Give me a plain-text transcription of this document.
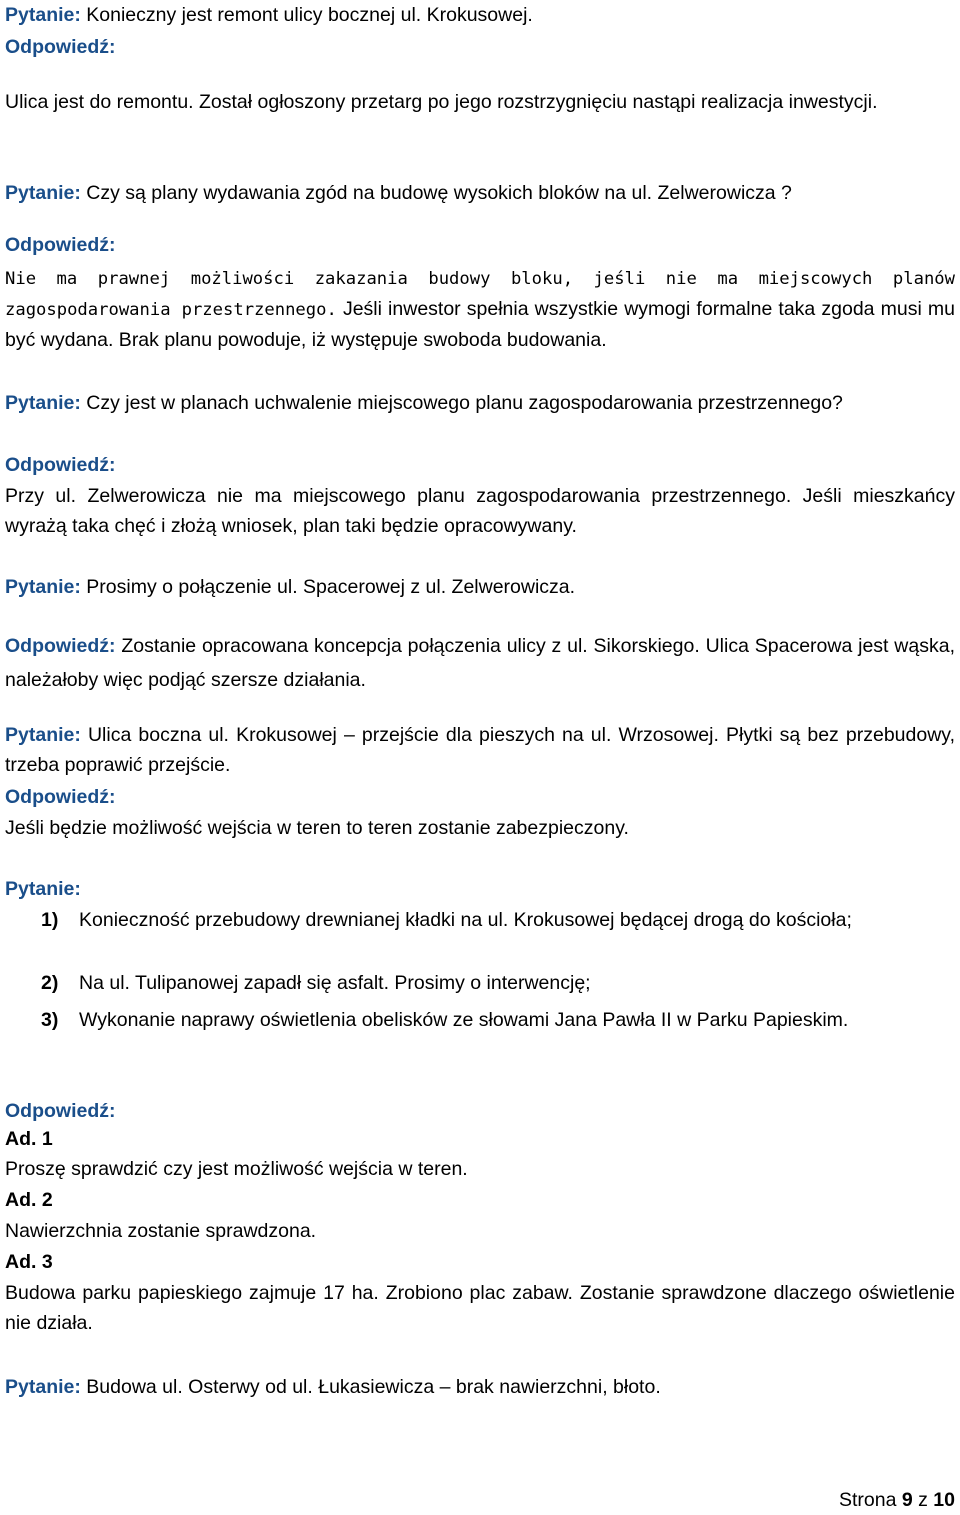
Pytanie: Konieczny jest remont ulicy bocznej ul. Krokusowej.

Odpowiedź:

Ulica jest do remontu. Został ogłoszony przetarg po jego rozstrzygnięciu nastąpi realizacja inwestycji.

Pytanie: Czy są plany wydawania zgód na budowę wysokich bloków na ul. Zelwerowicza ?

Odpowiedź:

Nie ma prawnej możliwości zakazania budowy bloku, jeśli nie ma miejscowych planów

zagospodarowania przestrzennego. Jeśli inwestor spełnia wszystkie wymogi formalne taka zgoda musi mu być wydana. Brak planu powoduje, iż występuje swoboda budowania.

Pytanie: Czy jest w planach uchwalenie miejscowego planu zagospodarowania przestrzennego?

Odpowiedź:

Przy ul. Zelwerowicza nie ma miejscowego planu zagospodarowania przestrzennego. Jeśli mieszkańcy wyrażą taka chęć i złożą wniosek, plan taki będzie opracowywany.

Pytanie: Prosimy o połączenie ul. Spacerowej z ul. Zelwerowicza.

Odpowiedź: Zostanie opracowana koncepcja połączenia ulicy z ul. Sikorskiego. Ulica Spacerowa jest wąska, należałoby więc podjąć szersze działania.

Pytanie: Ulica boczna ul. Krokusowej – przejście dla pieszych na ul. Wrzosowej. Płytki są bez przebudowy, trzeba poprawić przejście.

Odpowiedź:

Jeśli będzie możliwość wejścia w teren to teren zostanie zabezpieczony.

Pytanie:

1) Konieczność przebudowy drewnianej kładki na ul. Krokusowej będącej drogą do kościoła;
2) Na ul. Tulipanowej zapadł się asfalt. Prosimy o interwencję;
3) Wykonanie naprawy oświetlenia obelisków ze słowami Jana Pawła II w Parku Papieskim.

Odpowiedź:

Ad. 1

Proszę sprawdzić czy jest możliwość wejścia w teren.

Ad. 2

Nawierzchnia zostanie sprawdzona.

Ad. 3

Budowa parku papieskiego zajmuje 17 ha. Zrobiono plac zabaw. Zostanie sprawdzone dlaczego oświetlenie nie działa.

Pytanie: Budowa ul. Osterwy od ul. Łukasiewicza – brak nawierzchni, błoto.

Strona 9 z 10
